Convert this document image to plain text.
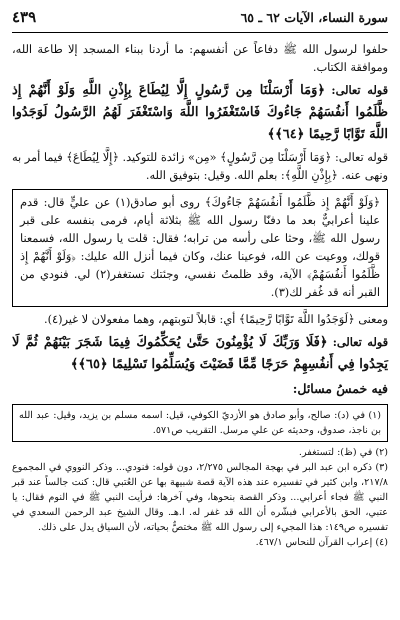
سورة النساء، الآيات ٦٢ ـ ٦٥
٤٣٩

حلفوا لرسول الله ﷺ دفاعاً عن أنفسهم: ما أردنا ببناء المسجد إلا طاعة الله، وموافقة الكتاب.

قوله تعالى: ﴿وَمَا أَرْسَلْنَا مِن رَّسُولٍ إِلَّا لِيُطَاعَ بِإِذْنِ اللَّهِ وَلَوْ أَنَّهُمْ إِذ ظَّلَمُوا أَنفُسَهُمْ جَاءُوكَ فَاسْتَغْفَرُوا اللَّهَ وَاسْتَغْفَرَ لَهُمُ الرَّسُولُ لَوَجَدُوا اللَّهَ تَوَّابًا رَّحِيمًا ﴿٦٤﴾﴾

قوله تعالى: ﴿وَمَا أَرْسَلْنَا مِن رَّسُولٍ﴾ «مِن» زائدة للتوكيد. ﴿إِلَّا لِيُطَاعَ﴾ فيما أمر به ونهى عنه. ﴿بِإِذْنِ اللَّهِ﴾: بعلم الله. وقيل: بتوفيق الله.

﴿وَلَوْ أَنَّهُمْ إِذ ظَّلَمُوا أَنفُسَهُمْ جَاءُوكَ﴾ روى أبو صادق(١) عن عليٍّ قال: قدم علينا أعرابيٌّ بعد ما دفنّا رسول الله ﷺ بثلاثة أيام، فرمى بنفسه على قبر رسول الله ﷺ، وحثا على رأسه من ترابه؛ فقال: قلت يا رسول الله، فسمعنا قولك، ووعيت عن الله، فوعينا عنك، وكان فيما أنزل الله عليك: ﴿وَلَوْ أَنَّهُمْ إِذ ظَّلَمُوا أَنفُسَهُمْ﴾ الآية، وقد ظلمتُ نفسي، وجئتك تستغفر(٢) لي. فنودي من القبر أنه قد غُفر لك(٣).

ومعنى ﴿لَوَجَدُوا اللَّهَ تَوَّابًا رَّحِيمًا﴾ أي: قابلاً لتوبتهم، وهما مفعولان لا غير(٤).

قوله تعالى: ﴿فَلَا وَرَبِّكَ لَا يُؤْمِنُونَ حَتَّىٰ يُحَكِّمُوكَ فِيمَا شَجَرَ بَيْنَهُمْ ثُمَّ لَا يَجِدُوا فِي أَنفُسِهِمْ حَرَجًا مِّمَّا قَضَيْتَ وَيُسَلِّمُوا تَسْلِيمًا ﴿٦٥﴾﴾

فيه خمسُ مسائل:
(١) في (د): صالح، وأبو صادق هو الأزديّ الكوفي، قيل: اسمه مسلم بن يزيد، وقيل: عبد الله بن ناجذ، صدوق، وحديثه عن علي مرسل. التقريب ص٥٧١.

(٢) في (ظ): لتستغفر.

(٣) ذكره ابن عبد البر في بهجة المجالس ٢/٢٧٥، دون قوله: فنودي... وذكر النووي في المجموع ٢١٧/٨، وابن كثير في تفسيره عند هذه الآية قصة شبيهة بها عن العُتبي قال: كنت جالساً عند قبر النبي ﷺ فجاء أعرابي... وذكر القصة بنحوها، وفي آخرها: فرأيت النبي ﷺ في النوم فقال: يا عتبي، الحق بالأعرابي فبشّره أن الله قد غفر له. ا.هـ. وقال الشيخ عبد الرحمن السعدي في تفسيره ص١٤٩: هذا المجيء إلى رسول الله ﷺ مختصٌّ بحياته، لأن السياق يدل على ذلك.

(٤) إعراب القرآن للنحاس ٤٦٧/١.
